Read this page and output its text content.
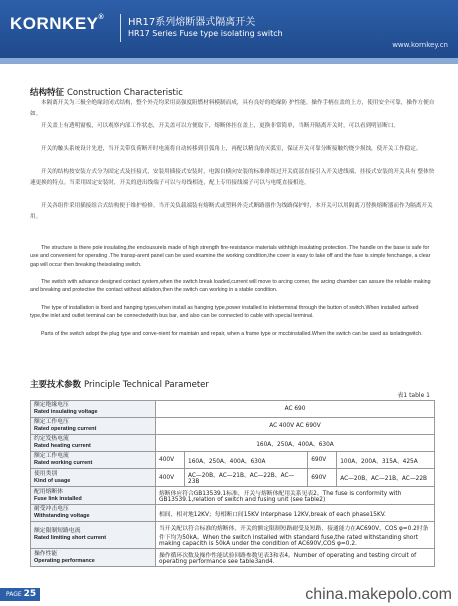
KORNKEY® HR17系列熔断器式隔离开关
HR17 Series Fuse type isolating switch
www.kornkey.cn
结构特征 Construction Characteristic

本隔离开关为三极全绝缘封闭式结构，整个外壳均采用高强度阻燃材料模制而成，具有良好的绝缘防 护性能。操作手柄在盖的上方，使用安全可靠，操作方便自如。

开关盖上有透明窗板，可以观察内部工作状态，开关盖可以方便取下，熔断体挂在盖上，更换非常简单，当断开隔离开关时，可以看到明显断口。

开关的触头系统设计先进，当开关带负荷断开时电流将自动转移到引弧角上，再配以精良的灭弧室，保证开关可靠分断接触灼烧少损蚀，使开关工作稳定。

开关的结构按安装方式分为固定式及挂接式，安装用插接式安装时，电源自横向安装的标准排组过开关底部直接引入开关进线端，挂接式安装的开关具有 整体快速更换的特点。当采用固定安装时，开关的进出线端子可以与母线相连，配上专用接线端子可以与电缆直接相连。

开关各组件采用插接组合式结构便于维护检修。当开关负载端装有熔断式或塑料外壳式断路器作为线路保护时，本开关可以用隔离刀替换熔断器而作为隔离开关用。

The structure is there pole insulating,the enclousurels made of high strength fire-resistance materials withhigh insulating protection. The handle on the base is safe for use and convenient for operating .The transp-arent panel can be used examine the working condition,the cover is easy to take off and the fuse is simple fenchange, a clear gap will occur then breaking theisolating switch.

The switch with advance designed contact system,when the switch break loaded,current will move to arcing corner, the arcing chamber can assure the reliable making and breaking and protective the contact without ablation,then the switch can working in a stable condition.

The type of installation is fixed and hanging types,when install as hanging type,power installed to inletterminal through the button of switch.When installed asfixed type,the inlet and outlet terminal can be connectedwith bus bar, and also can be connected to cable with special terminal.

Parts of the switch adopt the plug type and conve-nient for maintain and repair, when a frame type or mccbinstalled.When the switch can be used as isolatingwitch.

主要技术参数 Principle Technical Parameter
表1 table 1
额定绝缘电压
Rated insulating voltage	AC 690			
额定工作电压
Rated operating current	AC 400V AC 690V			
约定发热电流
Rated heating current	160A、250A、400A、630A			
额定工作电流
Rated working current	400V	160A、250A、400A、630A	690V	100A、200A、315A、425A
使用类别
Kind of usage	400V	AC—20B、AC—21B、AC—22B、AC—23B	690V	AC—20B、AC—21B、AC—22B
配用熔断体
Fuse link installed	熔断体应符合GB13539.1标准，开关与熔断体配用关系见表2。The fuse is conformity with GB13539.1,relation of switch and fusing unit (see table2)			
耐受冲击电压
Withstanding voltage	相间、相对地12KV；每相断口间15KV Interphase 12KV,break of each phase15KV.			
额定限制短路电流
Rated limiting short current	当开关配以符合标准的熔断体，开关的额定限制短路耐受及短路，接通能力在AC690V、COS φ=0.2时条件下均为50kA。When the switch installed with standard fuse,the rated withstanding short making capacith is 50kA under the condition of AC690V,COS φ=0.2.			
操作性能
Operating performance	操作循环次数及操作性能试验回路参数见表3和表4。Number of operating and testing circuit of operating performance see table3and4.			
PAGE 25	china.makepolo.com
